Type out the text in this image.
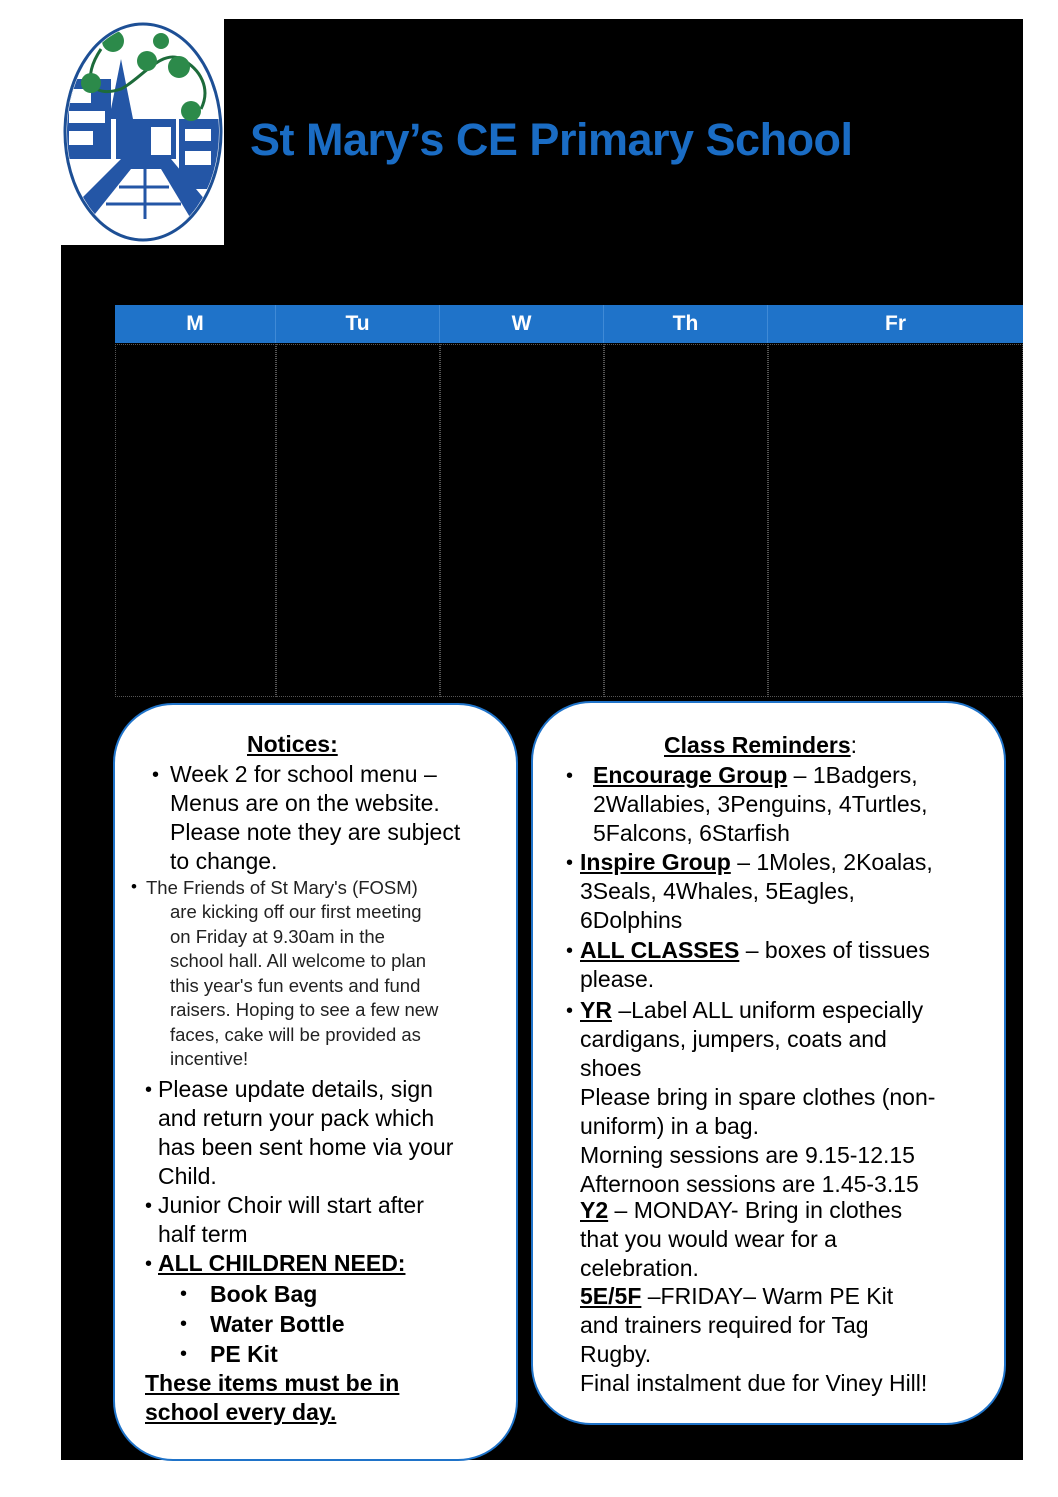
St Mary’s CE Primary School
M	Tu	W	Th	Fr
Notices:
• Week 2 for school menu –
Menus are on the website.
Please note they are subject
to change.
• The Friends of St Mary's (FOSM)
are kicking off our first meeting
on Friday at 9.30am in the
school hall. All welcome to plan
this year's fun events and fund
raisers. Hoping to see a few new
faces, cake will be provided as
incentive!
• Please update details, sign
and return your pack which
has been sent home via your
Child.
• Junior Choir will start after
half term
• ALL CHILDREN NEED:
• Book Bag
• Water Bottle
• PE Kit
These items must be in
school every day.
Class Reminders:
• Encourage Group – 1Badgers,
2Wallabies, 3Penguins, 4Turtles,
5Falcons, 6Starfish
• Inspire Group – 1Moles, 2Koalas,
3Seals, 4Whales, 5Eagles,
6Dolphins
• ALL CLASSES – boxes of tissues
please.
• YR –Label ALL uniform especially
cardigans, jumpers, coats and
shoes
Please bring in spare clothes (non-
uniform) in a bag.
Morning sessions are 9.15-12.15
Afternoon sessions are 1.45-3.15
Y2 – MONDAY- Bring in clothes
that you would wear for a
celebration.
5E/5F –FRIDAY– Warm PE Kit
and trainers required for Tag
Rugby.
Final instalment due for Viney Hill!
